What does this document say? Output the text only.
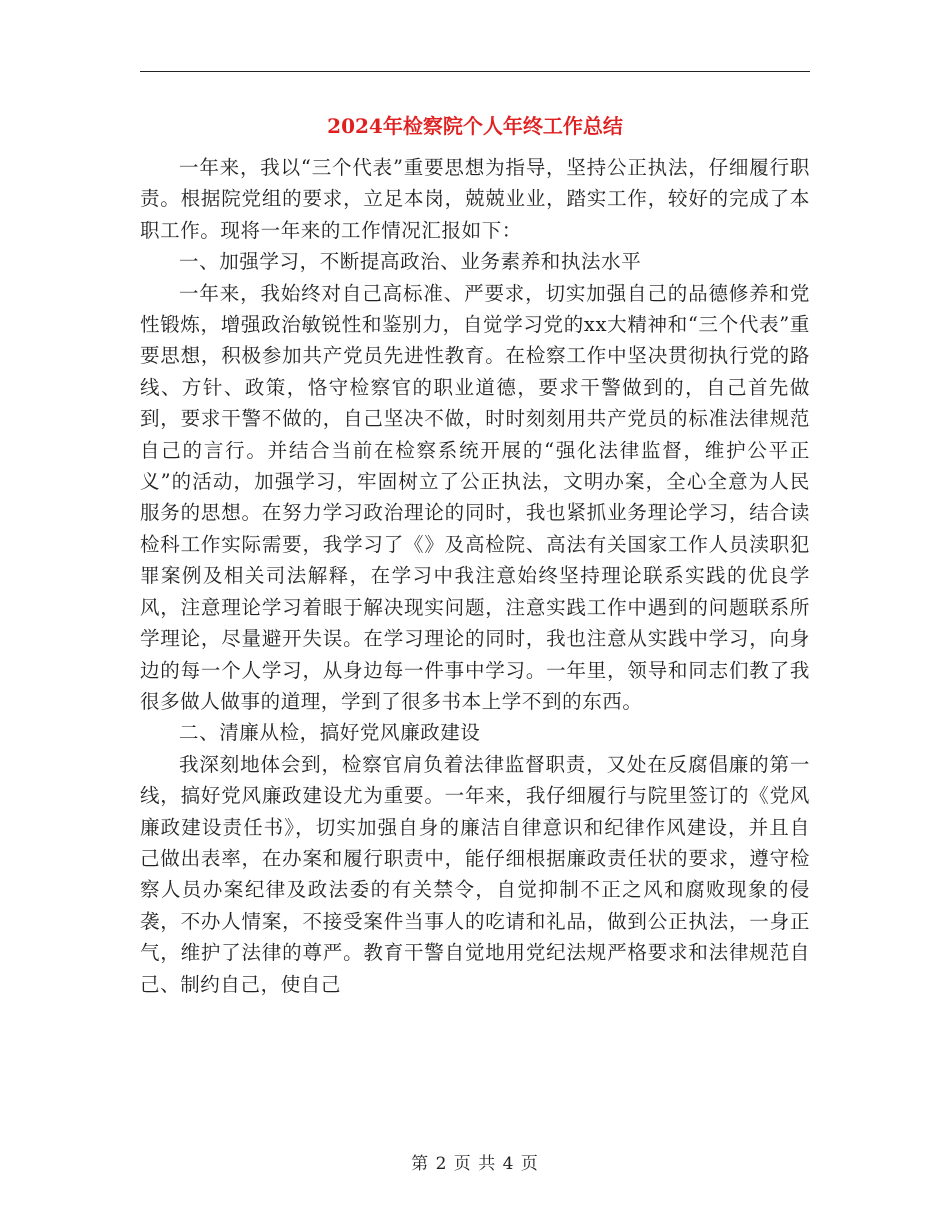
2024年检察院个人年终工作总结

一年来，我以“三个代表”重要思想为指导，坚持公正执法，仔细履行职责。根据院党组的要求，立足本岗，兢兢业业，踏实工作，较好的完成了本职工作。现将一年来的工作情况汇报如下：

一、加强学习，不断提高政治、业务素养和执法水平

一年来，我始终对自己高标准、严要求，切实加强自己的品德修养和党性锻炼，增强政治敏锐性和鉴别力，自觉学习党的xx大精神和“三个代表”重要思想，积极参加共产党员先进性教育。在检察工作中坚决贯彻执行党的路线、方针、政策，恪守检察官的职业道德，要求干警做到的，自己首先做到，要求干警不做的，自己坚决不做，时时刻刻用共产党员的标准法律规范自己的言行。并结合当前在检察系统开展的“强化法律监督，维护公平正义”的活动，加强学习，牢固树立了公正执法，文明办案，全心全意为人民服务的思想。在努力学习政治理论的同时，我也紧抓业务理论学习，结合读检科工作实际需要，我学习了《》及高检院、高法有关国家工作人员渎职犯罪案例及相关司法解释，在学习中我注意始终坚持理论联系实践的优良学风，注意理论学习着眼于解决现实问题，注意实践工作中遇到的问题联系所学理论，尽量避开失误。在学习理论的同时，我也注意从实践中学习，向身边的每一个人学习，从身边每一件事中学习。一年里，领导和同志们教了我很多做人做事的道理，学到了很多书本上学不到的东西。

二、清廉从检，搞好党风廉政建设

我深刻地体会到，检察官肩负着法律监督职责，又处在反腐倡廉的第一线，搞好党风廉政建设尤为重要。一年来，我仔细履行与院里签订的《党风廉政建设责任书》，切实加强自身的廉洁自律意识和纪律作风建设，并且自己做出表率，在办案和履行职责中，能仔细根据廉政责任状的要求，遵守检察人员办案纪律及政法委的有关禁令，自觉抑制不正之风和腐败现象的侵袭，不办人情案，不接受案件当事人的吃请和礼品，做到公正执法，一身正气，维护了法律的尊严。教育干警自觉地用党纪法规严格要求和法律规范自己、制约自己，使自己

第 2 页 共 4 页
